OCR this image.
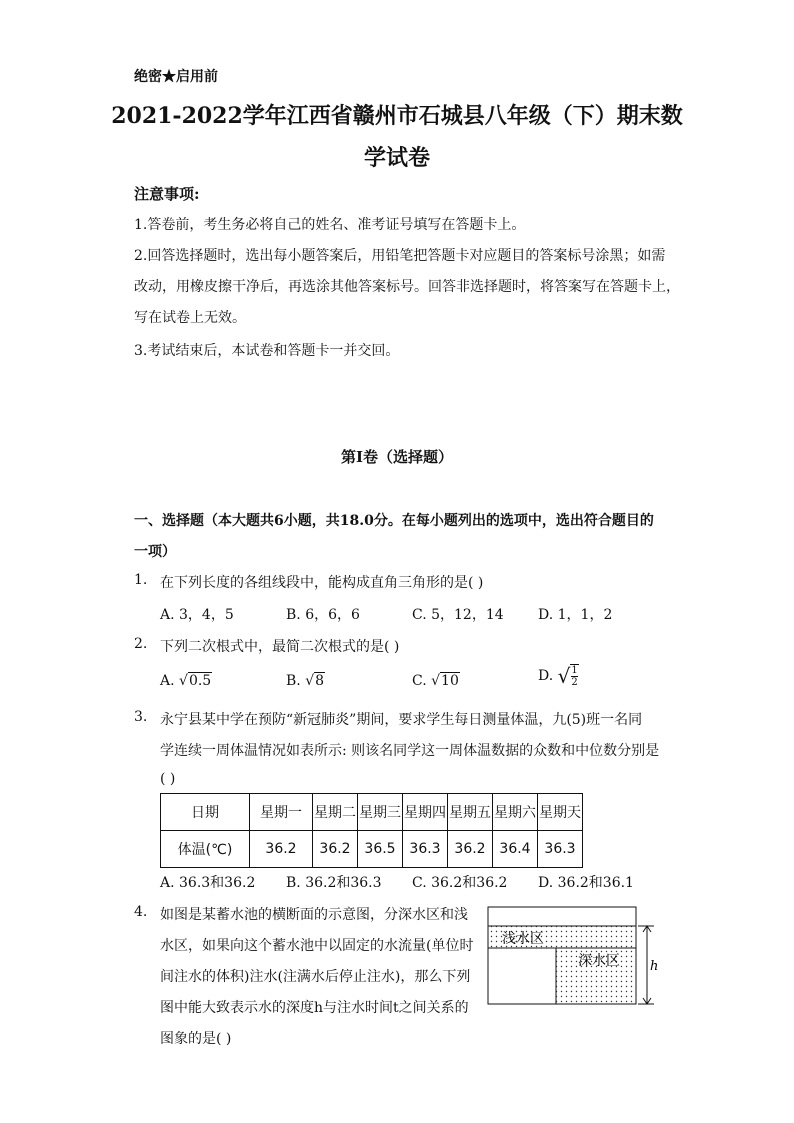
绝密★启用前
2021-2022学年江西省赣州市石城县八年级（下）期末数
学试卷
注意事项:
1.答卷前，考生务必将自己的姓名、准考证号填写在答题卡上。
2.回答选择题时，选出每小题答案后，用铅笔把答题卡对应题目的答案标号涂黑；如需
改动，用橡皮擦干净后，再选涂其他答案标号。回答非选择题时，将答案写在答题卡上，
写在试卷上无效。
3.考试结束后，本试卷和答题卡一并交回。
第I卷（选择题）
一、选择题（本大题共6小题，共18.0分。在每小题列出的选项中，选出符合题目的
一项）
1. 在下列长度的各组线段中，能构成直角三角形的是( )
A. 3，4，5	B. 6，6，6	C. 5，12，14 D. 1，1，2
2. 下列二次根式中，最简二次根式的是( )
A. √0.5	B. √8	C. √10	D. √ $\frac{1}{2}$
3. 永宁县某中学在预防“新冠肺炎”期间，要求学生每日测量体温，九(5)班一名同
学连续一周体温情况如表所示: 则该名同学这一周体温数据的众数和中位数分别是
( )
日期	星期一	星期二	星期三	星期四	星期五	星期六	星期天
体温(℃)	36.2	36.2	36.5	36.3	36.2	36.4	36.3
A. 36.3和36.2 B. 36.2和36.3 C. 36.2和36.2 D. 36.2和36.1
4. 如图是某蓄水池的横断面的示意图，分深水区和浅
水区，如果向这个蓄水池中以固定的水流量(单位时
间注水的体积)注水(注满水后停止注水)，那么下列
图中能大致表示水的深度h与注水时间t之间关系的
图象的是( )
浅水区
深水区 h
